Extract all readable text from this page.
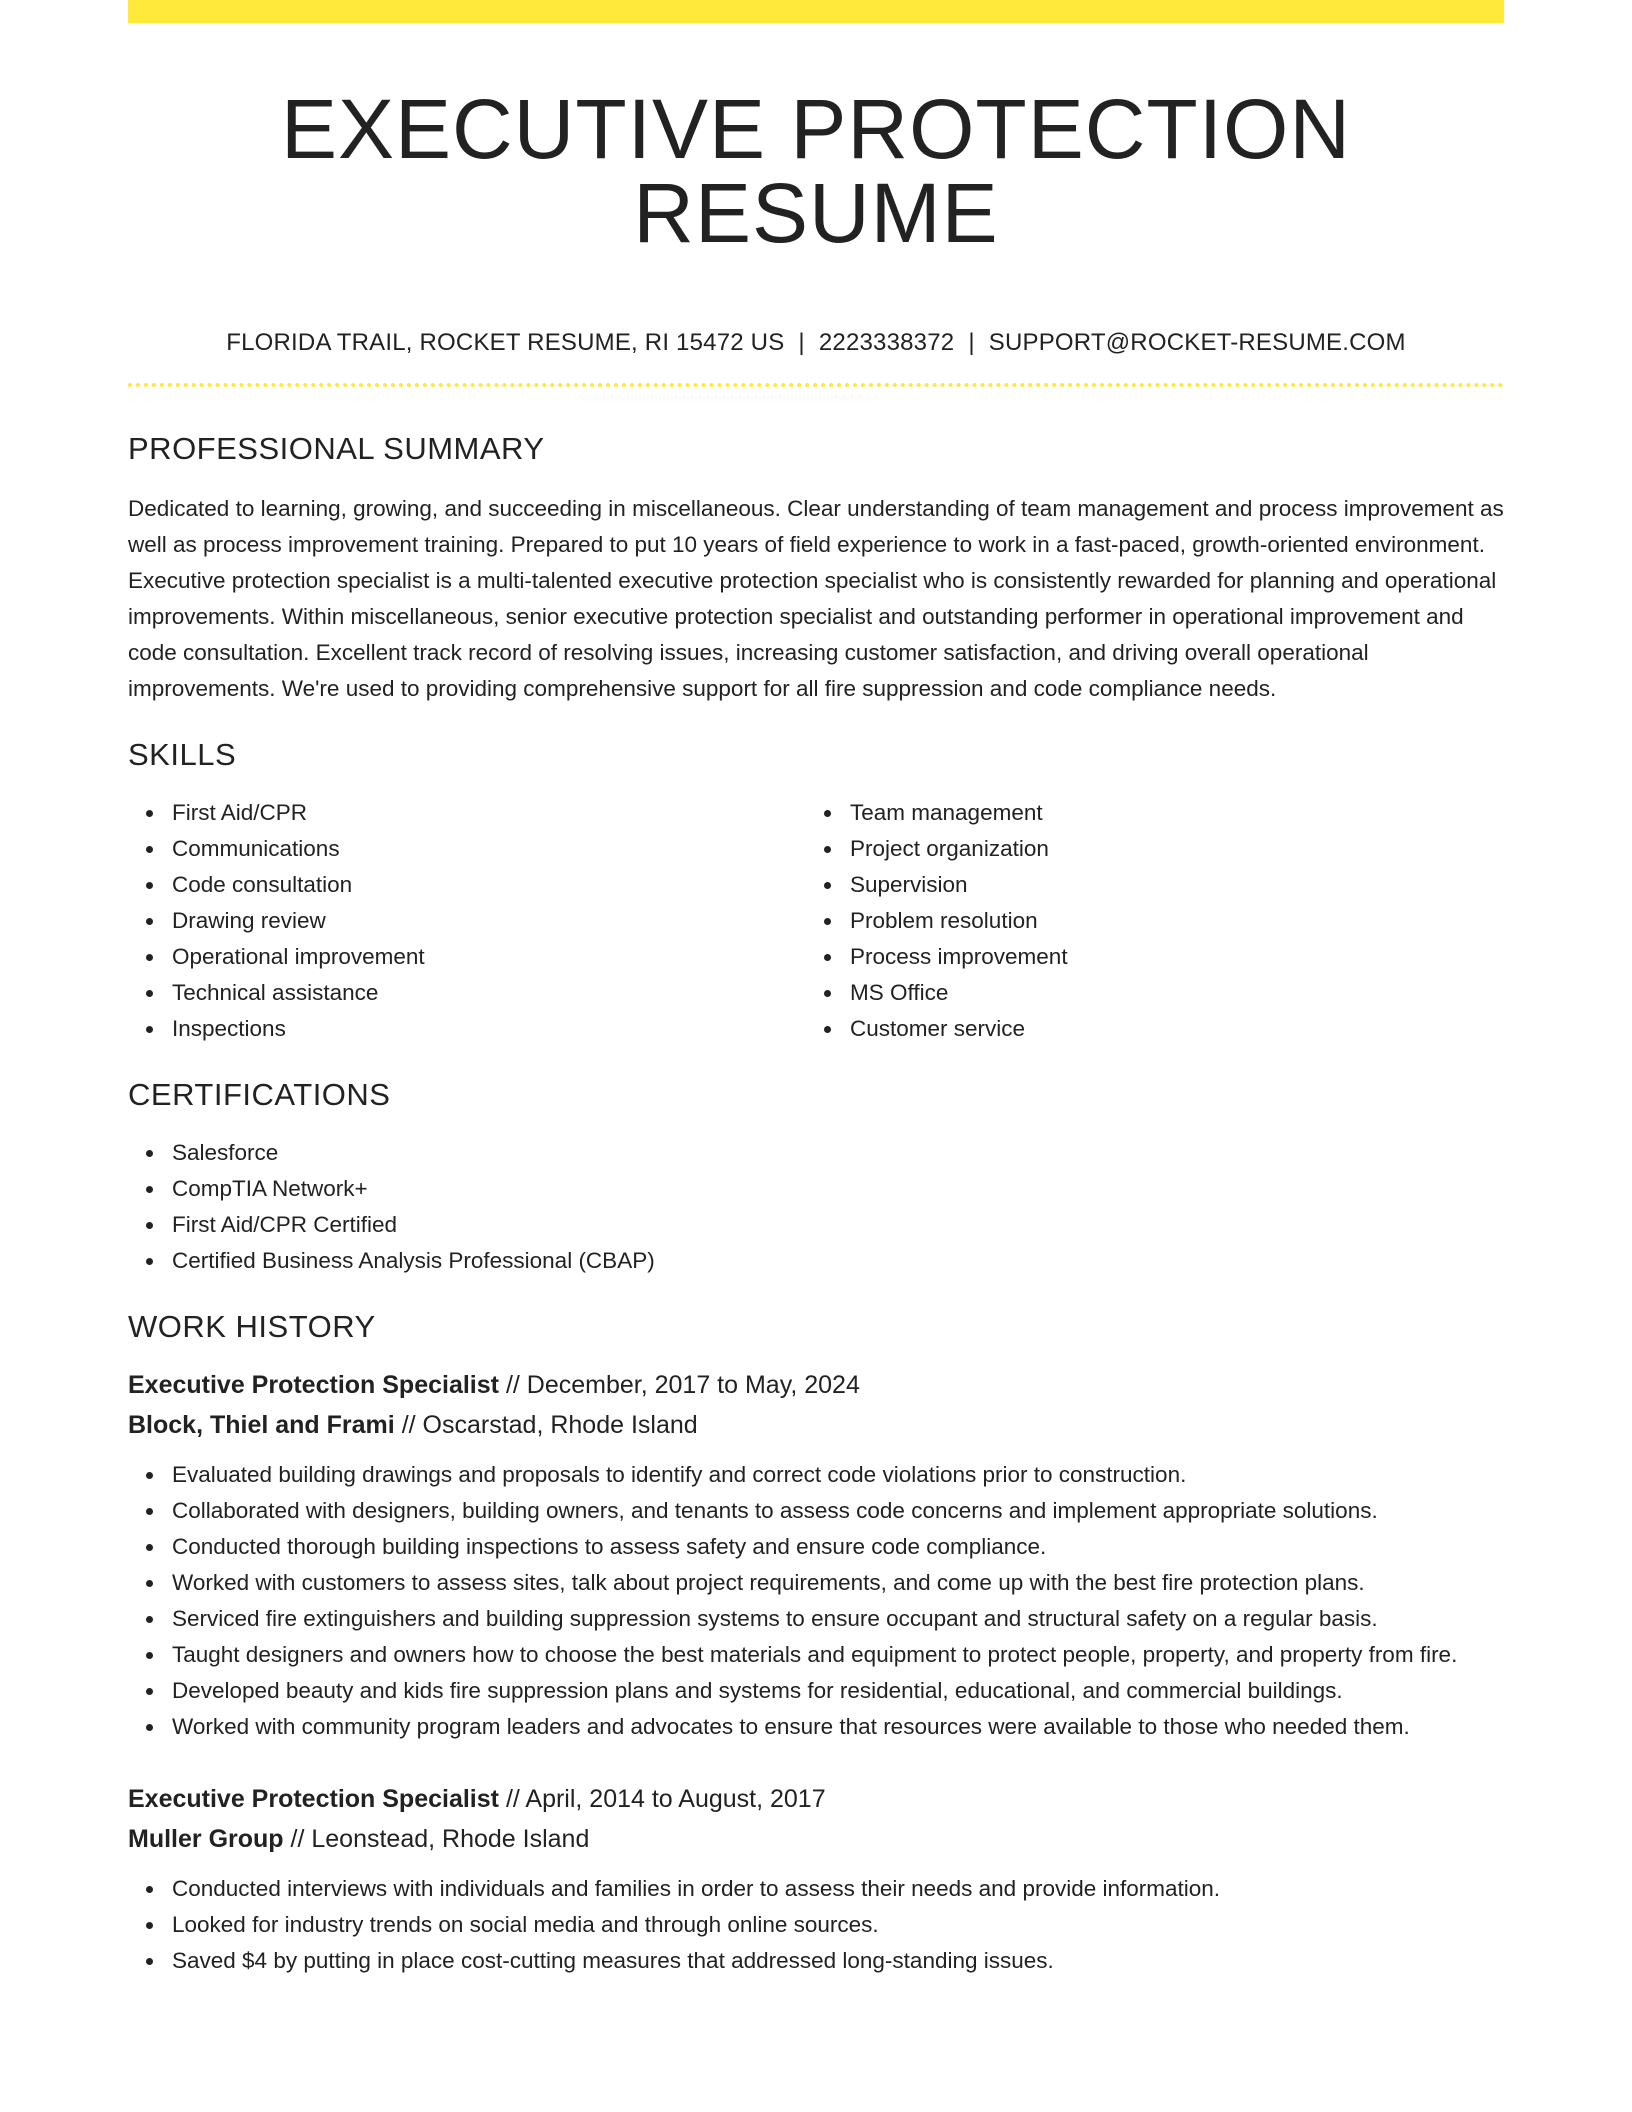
EXECUTIVE PROTECTION RESUME
FLORIDA TRAIL, ROCKET RESUME, RI 15472 US | 2223338372 | SUPPORT@ROCKET-RESUME.COM
PROFESSIONAL SUMMARY
Dedicated to learning, growing, and succeeding in miscellaneous. Clear understanding of team management and process improvement as well as process improvement training. Prepared to put 10 years of field experience to work in a fast-paced, growth-oriented environment. Executive protection specialist is a multi-talented executive protection specialist who is consistently rewarded for planning and operational improvements. Within miscellaneous, senior executive protection specialist and outstanding performer in operational improvement and code consultation. Excellent track record of resolving issues, increasing customer satisfaction, and driving overall operational improvements. We're used to providing comprehensive support for all fire suppression and code compliance needs.
SKILLS
First Aid/CPR
Communications
Code consultation
Drawing review
Operational improvement
Technical assistance
Inspections
Team management
Project organization
Supervision
Problem resolution
Process improvement
MS Office
Customer service
CERTIFICATIONS
Salesforce
CompTIA Network+
First Aid/CPR Certified
Certified Business Analysis Professional (CBAP)
WORK HISTORY
Executive Protection Specialist // December, 2017 to May, 2024
Block, Thiel and Frami // Oscarstad, Rhode Island
Evaluated building drawings and proposals to identify and correct code violations prior to construction.
Collaborated with designers, building owners, and tenants to assess code concerns and implement appropriate solutions.
Conducted thorough building inspections to assess safety and ensure code compliance.
Worked with customers to assess sites, talk about project requirements, and come up with the best fire protection plans.
Serviced fire extinguishers and building suppression systems to ensure occupant and structural safety on a regular basis.
Taught designers and owners how to choose the best materials and equipment to protect people, property, and property from fire.
Developed beauty and kids fire suppression plans and systems for residential, educational, and commercial buildings.
Worked with community program leaders and advocates to ensure that resources were available to those who needed them.
Executive Protection Specialist // April, 2014 to August, 2017
Muller Group // Leonstead, Rhode Island
Conducted interviews with individuals and families in order to assess their needs and provide information.
Looked for industry trends on social media and through online sources.
Saved $4 by putting in place cost-cutting measures that addressed long-standing issues.
